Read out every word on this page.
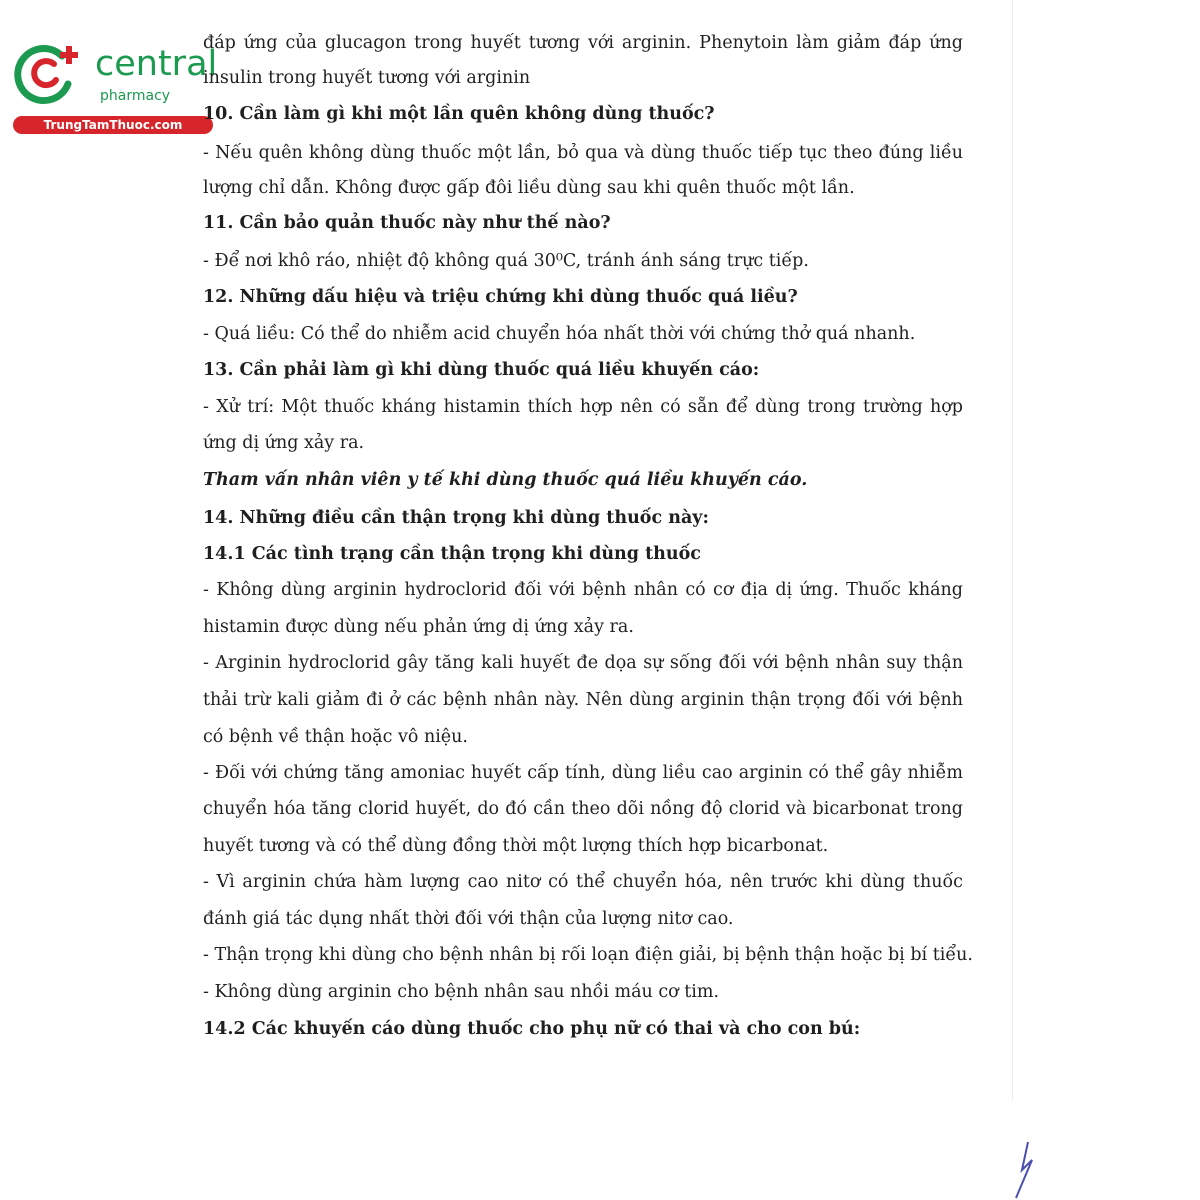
central
pharmacy
TrungTamThuoc.com

đáp ứng của glucagon trong huyết tương với arginin. Phenytoin làm giảm đáp ứng

insulin trong huyết tương với arginin

10. Cần làm gì khi một lần quên không dùng thuốc?

- Nếu quên không dùng thuốc một lần, bỏ qua và dùng thuốc tiếp tục theo đúng liều

lượng chỉ dẫn. Không được gấp đôi liều dùng sau khi quên thuốc một lần.

11. Cần bảo quản thuốc này như thế nào?

- Để nơi khô ráo, nhiệt độ không quá 30⁰C, tránh ánh sáng trực tiếp.

12. Những dấu hiệu và triệu chứng khi dùng thuốc quá liều?

- Quá liều: Có thể do nhiễm acid chuyển hóa nhất thời với chứng thở quá nhanh.

13. Cần phải làm gì khi dùng thuốc quá liều khuyến cáo:

- Xử trí: Một thuốc kháng histamin thích hợp nên có sẵn để dùng trong trường hợp

ứng dị ứng xảy ra.

Tham vấn nhân viên y tế khi dùng thuốc quá liều khuyến cáo.

14. Những điều cần thận trọng khi dùng thuốc này:

14.1 Các tình trạng cần thận trọng khi dùng thuốc

- Không dùng arginin hydroclorid đối với bệnh nhân có cơ địa dị ứng. Thuốc kháng

histamin được dùng nếu phản ứng dị ứng xảy ra.

- Arginin hydroclorid gây tăng kali huyết đe dọa sự sống đối với bệnh nhân suy thận

thải trừ kali giảm đi ở các bệnh nhân này. Nên dùng arginin thận trọng đối với bệnh

có bệnh về thận hoặc vô niệu.

- Đối với chứng tăng amoniac huyết cấp tính, dùng liều cao arginin có thể gây nhiễm

chuyển hóa tăng clorid huyết, do đó cần theo dõi nồng độ clorid và bicarbonat trong

huyết tương và có thể dùng đồng thời một lượng thích hợp bicarbonat.

- Vì arginin chứa hàm lượng cao nitơ có thể chuyển hóa, nên trước khi dùng thuốc

đánh giá tác dụng nhất thời đối với thận của lượng nitơ cao.

- Thận trọng khi dùng cho bệnh nhân bị rối loạn điện giải, bị bệnh thận hoặc bị bí tiểu.

- Không dùng arginin cho bệnh nhân sau nhồi máu cơ tim.

14.2 Các khuyến cáo dùng thuốc cho phụ nữ có thai và cho con bú:
